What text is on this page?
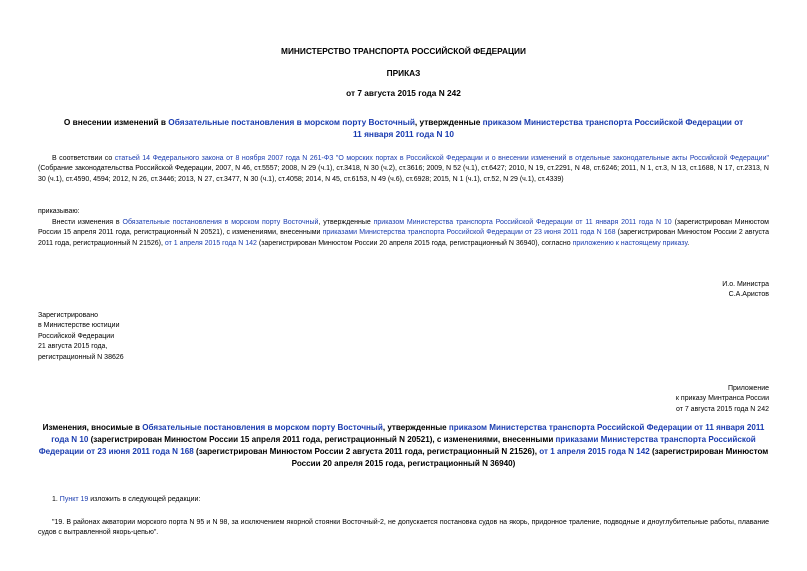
МИНИСТЕРСТВО ТРАНСПОРТА РОССИЙСКОЙ ФЕДЕРАЦИИ
ПРИКАЗ
от 7 августа 2015 года N 242
О внесении изменений в Обязательные постановления в морском порту Восточный, утвержденные приказом Министерства транспорта Российской Федерации от 11 января 2011 года N 10
В соответствии со статьей 14 Федерального закона от 8 ноября 2007 года N 261-ФЗ "О морских портах в Российской Федерации и о внесении изменений в отдельные законодательные акты Российской Федерации" (Собрание законодательства Российской Федерации, 2007, N 46, ст.5557; 2008, N 29 (ч.1), ст.3418, N 30 (ч.2), ст.3616; 2009, N 52 (ч.1), ст.6427; 2010, N 19, ст.2291, N 48, ст.6246; 2011, N 1, ст.3, N 13, ст.1688, N 17, ст.2313, N 30 (ч.1), ст.4590, 4594; 2012, N 26, ст.3446; 2013, N 27, ст.3477, N 30 (ч.1), ст.4058; 2014, N 45, ст.6153, N 49 (ч.6), ст.6928; 2015, N 1 (ч.1), ст.52, N 29 (ч.1), ст.4339)
приказываю:
Внести изменения в Обязательные постановления в морском порту Восточный, утвержденные приказом Министерства транспорта Российской Федерации от 11 января 2011 года N 10 (зарегистрирован Минюстом России 15 апреля 2011 года, регистрационный N 20521), с изменениями, внесенными приказами Министерства транспорта Российской Федерации от 23 июня 2011 года N 168 (зарегистрирован Минюстом России 2 августа 2011 года, регистрационный N 21526), от 1 апреля 2015 года N 142 (зарегистрирован Минюстом России 20 апреля 2015 года, регистрационный N 36940), согласно приложению к настоящему приказу.
И.о. Министра
С.А.Аристов
Зарегистрировано
в Министерстве юстиции
Российской Федерации
21 августа 2015 года,
регистрационный N 38626
Приложение
к приказу Минтранса России
от 7 августа 2015 года N 242
Изменения, вносимые в Обязательные постановления в морском порту Восточный, утвержденные приказом Министерства транспорта Российской Федерации от 11 января 2011 года N 10 (зарегистрирован Минюстом России 15 апреля 2011 года, регистрационный N 20521), с изменениями, внесенными приказами Министерства транспорта Российской Федерации от 23 июня 2011 года N 168 (зарегистрирован Минюстом России 2 августа 2011 года, регистрационный N 21526), от 1 апреля 2015 года N 142 (зарегистрирован Минюстом России 20 апреля 2015 года, регистрационный N 36940)
1. Пункт 19 изложить в следующей редакции:
"19. В районах акватории морского порта N 95 и N 98, за исключением якорной стоянки Восточный-2, не допускается постановка судов на якорь, придонное траление, подводные и дноуглубительные работы, плавание судов с вытравленной якорь-цепью".
